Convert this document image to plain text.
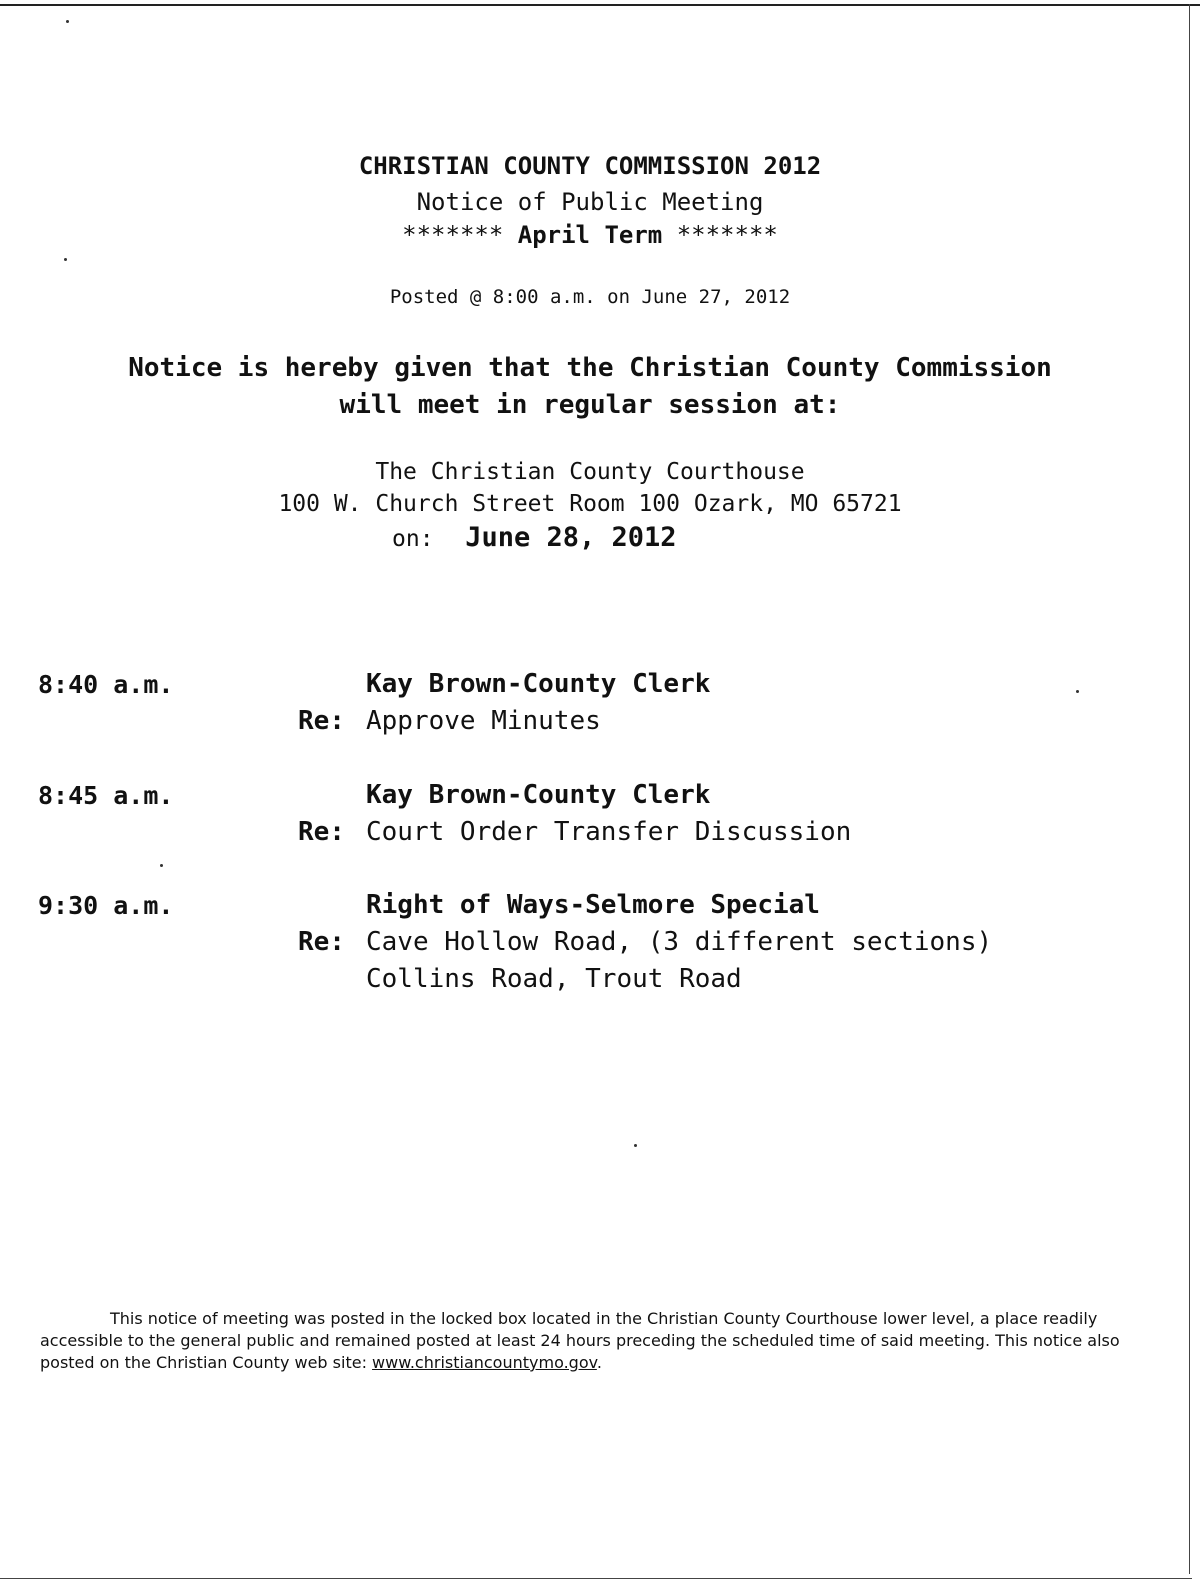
CHRISTIAN COUNTY COMMISSION 2012
Notice of Public Meeting
******* April Term *******
Posted @ 8:00 a.m. on June 27, 2012
Notice is hereby given that the Christian County Commission
will meet in regular session at:
The Christian County Courthouse
100 W. Church Street Room 100 Ozark, MO 65721
on: June 28, 2012
8:40 a.m.	Kay Brown-County Clerk
Re: Approve Minutes
8:45 a.m.	Kay Brown-County Clerk
Re: Court Order Transfer Discussion
9:30 a.m.	Right of Ways-Selmore Special
Re: Cave Hollow Road, (3 different sections)
Collins Road, Trout Road

This notice of meeting was posted in the locked box located in the Christian County Courthouse lower level, a place readily accessible to the general public and remained posted at least 24 hours preceding the scheduled time of said meeting. This notice also posted on the Christian County web site: www.christiancountymo.gov.
